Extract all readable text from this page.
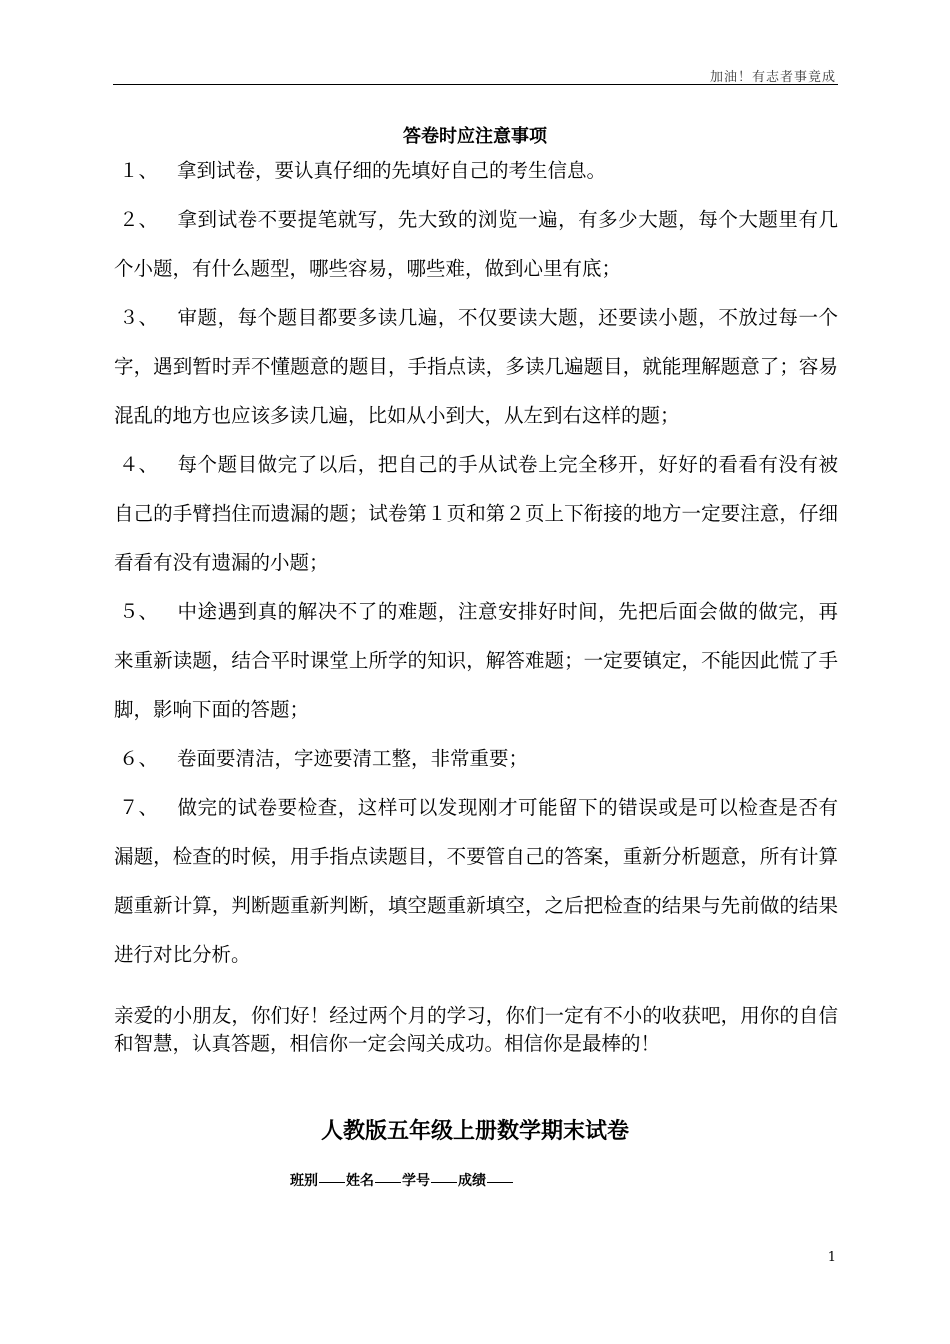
加油！有志者事竟成
答卷时应注意事项

１、 拿到试卷，要认真仔细的先填好自己的考生信息。

２、 拿到试卷不要提笔就写，先大致的浏览一遍，有多少大题，每个大题里有几个小题，有什么题型，哪些容易，哪些难，做到心里有底；

３、 审题，每个题目都要多读几遍，不仅要读大题，还要读小题，不放过每一个字，遇到暂时弄不懂题意的题目，手指点读，多读几遍题目，就能理解题意了；容易混乱的地方也应该多读几遍，比如从小到大，从左到右这样的题；

４、 每个题目做完了以后，把自己的手从试卷上完全移开，好好的看看有没有被自己的手臂挡住而遗漏的题；试卷第１页和第２页上下衔接的地方一定要注意，仔细看看有没有遗漏的小题；

５、 中途遇到真的解决不了的难题，注意安排好时间，先把后面会做的做完，再来重新读题，结合平时课堂上所学的知识，解答难题；一定要镇定，不能因此慌了手脚，影响下面的答题；

６、 卷面要清洁，字迹要清工整，非常重要；

７、 做完的试卷要检查，这样可以发现刚才可能留下的错误或是可以检查是否有漏题，检查的时候，用手指点读题目，不要管自己的答案，重新分析题意，所有计算题重新计算，判断题重新判断，填空题重新填空，之后把检查的结果与先前做的结果进行对比分析。

亲爱的小朋友，你们好！经过两个月的学习，你们一定有不小的收获吧，用你的自信和智慧，认真答题，相信你一定会闯关成功。相信你是最棒的！

人教版五年级上册数学期末试卷
班别 姓名 学号 成绩
1
